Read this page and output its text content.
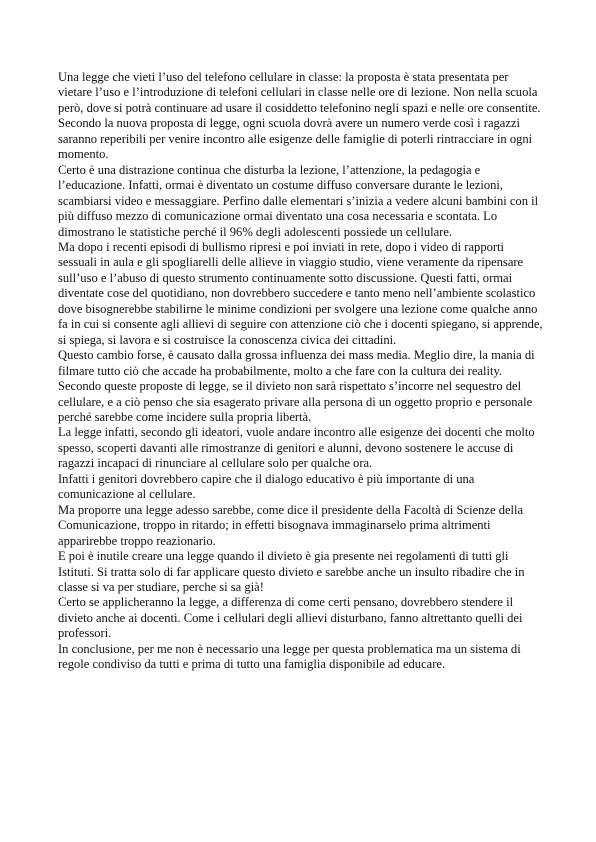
Una legge che vieti l’uso del telefono cellulare in classe: la proposta è stata presentata per vietare l’uso e l’introduzione di telefoni cellulari in classe nelle ore di lezione. Non nella scuola però, dove si potrà continuare ad usare il cosiddetto telefonino negli spazi e nelle ore consentite.

Secondo la nuova proposta di legge, ogni scuola dovrà avere un numero verde così i ragazzi saranno reperibili per venire incontro alle esigenze delle famiglie di poterli rintracciare in ogni momento.

Certo è una distrazione continua che disturba la lezione, l’attenzione, la pedagogia e l’educazione. Infatti, ormai è diventato un costume diffuso conversare durante le lezioni, scambiarsi video e messaggiare. Perfino dalle elementari s’inizia a vedere alcuni bambini con il più diffuso mezzo di comunicazione ormai diventato una cosa necessaria e scontata. Lo dimostrano le statistiche perché il 96% degli adolescenti possiede un cellulare.

Ma dopo i recenti episodi di bullismo ripresi e poi inviati in rete, dopo i video di rapporti sessuali in aula e gli spogliarelli delle allieve in viaggio studio, viene veramente da ripensare sull’uso e l’abuso di questo strumento continuamente sotto discussione. Questi fatti, ormai diventate cose del quotidiano, non dovrebbero succedere e tanto meno nell’ambiente scolastico dove bisognerebbe stabilirne le minime condizioni per svolgere una lezione come qualche anno fa in cui si consente agli allievi di seguire con attenzione ciò che i docenti spiegano, si apprende, si spiega, si lavora e si costruisce la conoscenza civica dei cittadini.

Questo cambio forse, è causato dalla grossa influenza dei mass media. Meglio dire, la mania di filmare tutto ciò che accade ha probabilmente, molto a che fare con la cultura dei reality.

Secondo queste proposte di legge, se il divieto non sarà rispettato s’incorre nel sequestro del cellulare, e a ciò penso che sia esagerato privare alla persona di un oggetto proprio e personale perché sarebbe come incidere sulla propria libertà.

La legge infatti, secondo gli ideatori, vuole andare incontro alle esigenze dei docenti che molto spesso, scoperti davanti alle rimostranze di genitori e alunni, devono sostenere le accuse di ragazzi incapaci di rinunciare al cellulare solo per qualche ora.

Infatti i genitori dovrebbero capire che il dialogo educativo è più importante di una comunicazione al cellulare.

Ma proporre una legge adesso sarebbe, come dice il presidente della Facoltà di Scienze della Comunicazione, troppo in ritardo; in effetti bisognava immaginarselo prima altrimenti apparirebbe troppo reazionario.

E poi è inutile creare una legge quando il divieto è gia presente nei regolamenti di tutti gli Istituti. Si tratta solo di far applicare questo divieto e sarebbe anche un insulto ribadire che in classe si va per studiare, perche si sa già!

Certo se applicheranno la legge, a differenza di come certi pensano, dovrebbero stendere il divieto anche ai docenti. Come i cellulari degli allievi disturbano, fanno altrettanto quelli dei professori.

In conclusione, per me non è necessario una legge per questa problematica ma un sistema di regole condiviso da tutti e prima di tutto una famiglia disponibile ad educare.
